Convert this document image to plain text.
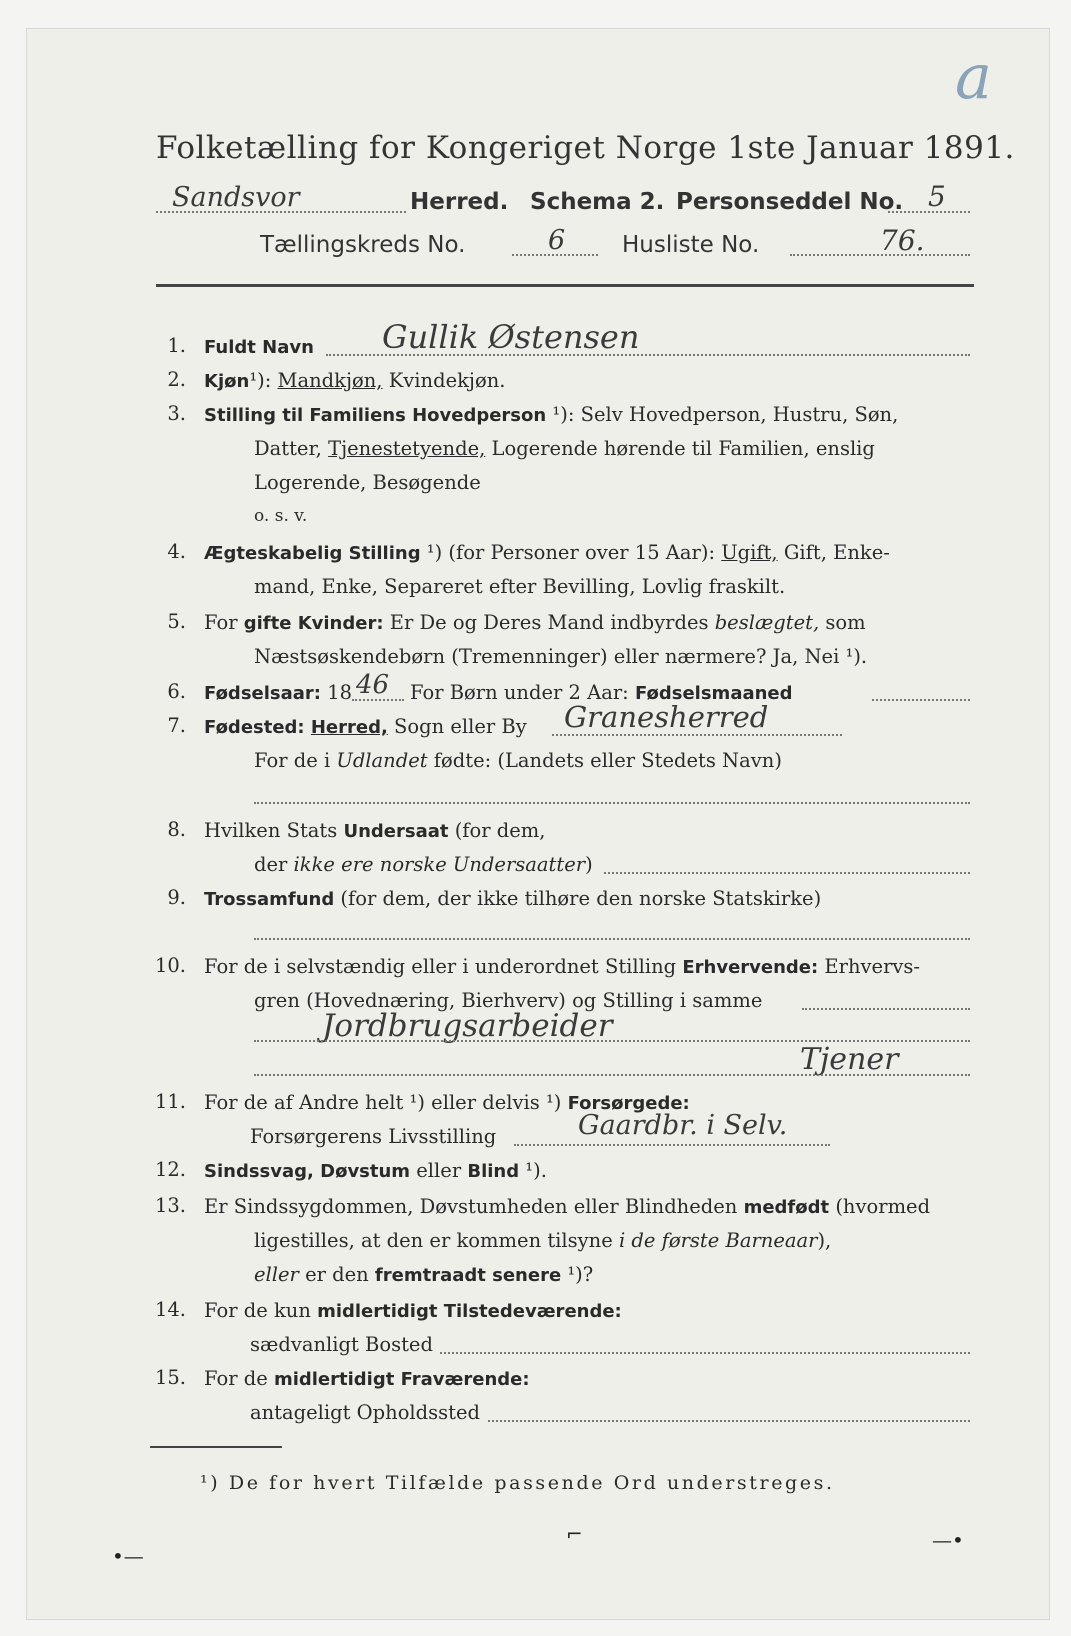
a
Folketælling for Kongeriget Norge 1ste Januar 1891.
Sandsvor	Herred. Schema 2. Personseddel No. 5
Tællingskreds No.	6 Husliste No.	76.
1. Fuldt Navn Gullik Østensen
2. Kjøn¹): Mandkjøn, Kvindekjøn.
3. Stilling til Familiens Hovedperson ¹): Selv Hovedperson, Hustru, Søn,
Datter, Tjenestetyende, Logerende hørende til Familien, enslig
Logerende, Besøgende
o. s. v.
4. Ægteskabelig Stilling ¹) (for Personer over 15 Aar): Ugift, Gift, Enke-
mand, Enke, Separeret efter Bevilling, Lovlig fraskilt.
5. For gifte Kvinder: Er De og Deres Mand indbyrdes beslægtet, som
Næstsøskendebørn (Tremenninger) eller nærmere? Ja, Nei ¹).
6. Fødselsaar: 18 46 For Børn under 2 Aar: Fødselsmaaned
7. Fødested: Herred, Sogn eller By Granesherred
For de i Udlandet fødte: (Landets eller Stedets Navn)
8. Hvilken Stats Undersaat (for dem,
der ikke ere norske Undersaatter)
9. Trossamfund (for dem, der ikke tilhøre den norske Statskirke)
10. For de i selvstændig eller i underordnet Stilling Erhvervende: Erhvervs-
gren (Hovednæring, Bierhverv) og Stilling i samme
Jordbrugsarbeider
Tjener
11. For de af Andre helt ¹) eller delvis ¹) Forsørgede:
Forsørgerens Livsstilling	Gaardbr. i Selv.
12. Sindssvag, Døvstum eller Blind ¹).
13. Er Sindssygdommen, Døvstumheden eller Blindheden medfødt (hvormed
ligestilles, at den er kommen tilsyne i de første Barneaar),
eller er den fremtraadt senere ¹)?
14. For de kun midlertidigt Tilstedeværende:
sædvanligt Bosted
15. For de midlertidigt Fraværende:
antageligt Opholdssted
¹) De for hvert Tilfælde passende Ord understreges.
•—
⌐	—•
